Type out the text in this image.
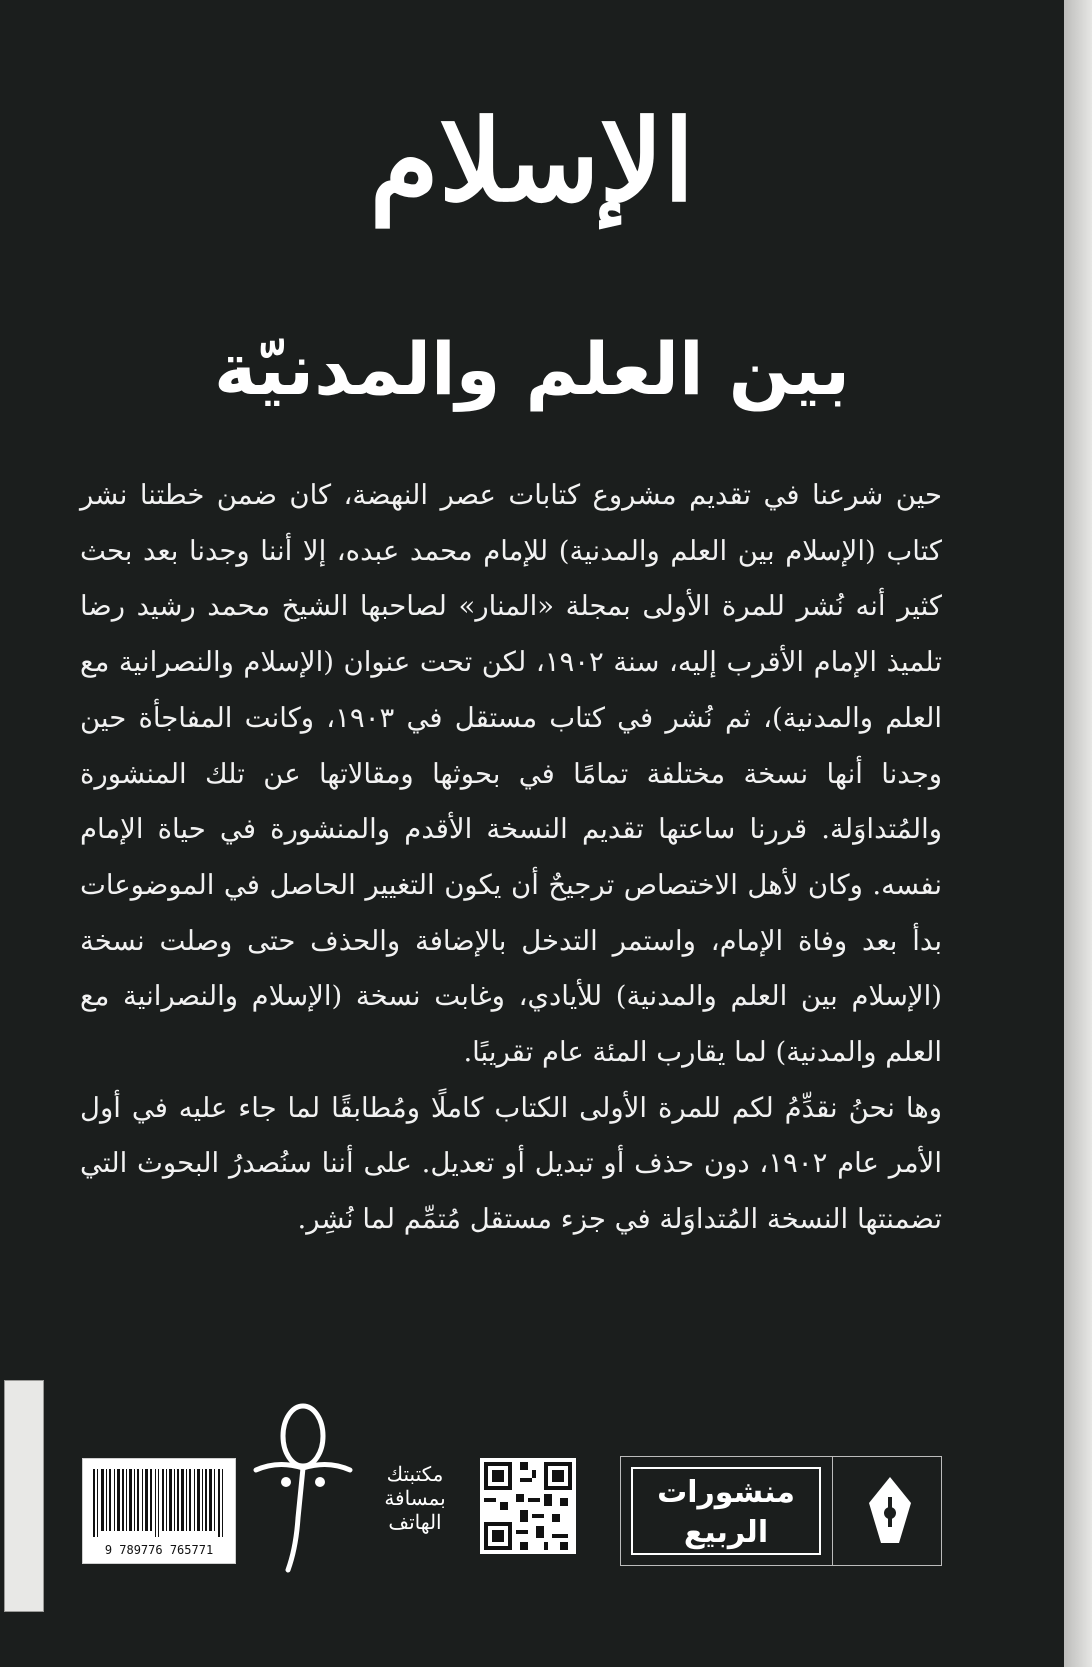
الإسلام
بين العلم والمدنيّة

حين شرعنا في تقديم مشروع كتابات عصر النهضة، كان ضمن خطتنا نشر كتاب (الإسلام بين العلم والمدنية) للإمام محمد عبده، إلا أننا وجدنا بعد بحث كثير أنه نُشر للمرة الأولى بمجلة «المنار» لصاحبها الشيخ محمد رشيد رضا تلميذ الإمام الأقرب إليه، سنة ١٩٠٢، لكن تحت عنوان (الإسلام والنصرانية مع العلم والمدنية)، ثم نُشر في كتاب مستقل في ١٩٠٣، وكانت المفاجأة حين وجدنا أنها نسخة مختلفة تمامًا في بحوثها ومقالاتها عن تلك المنشورة والمُتداوَلة. قررنا ساعتها تقديم النسخة الأقدم والمنشورة في حياة الإمام نفسه. وكان لأهل الاختصاص ترجيحٌ أن يكون التغيير الحاصل في الموضوعات بدأ بعد وفاة الإمام، واستمر التدخل بالإضافة والحذف حتى وصلت نسخة (الإسلام بين العلم والمدنية) للأيادي، وغابت نسخة (الإسلام والنصرانية مع العلم والمدنية) لما يقارب المئة عام تقريبًا.

وها نحنُ نقدِّمُ لكم للمرة الأولى الكتاب كاملًا ومُطابقًا لما جاء عليه في أول الأمر عام ١٩٠٢، دون حذف أو تبديل أو تعديل. على أننا سنُصدرُ البحوث التي تضمنتها النسخة المُتداوَلة في جزء مستقل مُتمِّم لما نُشِر.

9 789776 765771
مكتبتك
بمسافة
الهاتف
منشورات
الربيع
